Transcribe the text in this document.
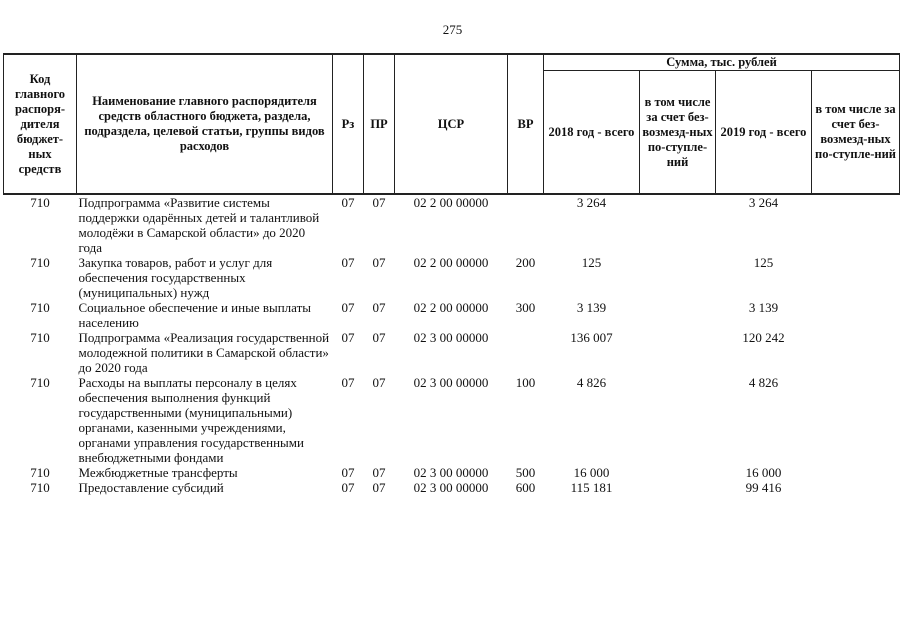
275
Код главного распоря-дителя бюджет-ных средств	Наименование главного распорядителя средств областного бюджета, раздела, подраздела, целевой статьи, группы видов расходов	Рз	ПР	ЦСР	ВР	Сумма, тыс. рублей			
						2018 год - всего	в том числе за счет без-возмезд-ных по-ступле-ний	2019 год - всего	в том числе за счет без-возмезд-ных по-ступле-ний
710	Подпрограмма «Развитие системы поддержки одарённых детей и талантливой молодёжи в Самарской области» до 2020 года	07	07	02 2 00 00000		3 264		3 264	
710	Закупка товаров, работ и услуг для обеспечения государственных (муниципальных) нужд	07	07	02 2 00 00000	200	125		125	
710	Социальное обеспечение и иные выплаты населению	07	07	02 2 00 00000	300	3 139		3 139	
710	Подпрограмма «Реализация государственной молодежной политики в Самарской области» до 2020 года	07	07	02 3 00 00000		136 007		120 242	
710	Расходы на выплаты персоналу в целях обеспечения выполнения функций государственными (муниципальными) органами, казенными учреждениями, органами управления государственными внебюджетными фондами	07	07	02 3 00 00000	100	4 826		4 826	
710	Межбюджетные трансферты	07	07	02 3 00 00000	500	16 000		16 000	
710	Предоставление субсидий	07	07	02 3 00 00000	600	115 181		99 416	
